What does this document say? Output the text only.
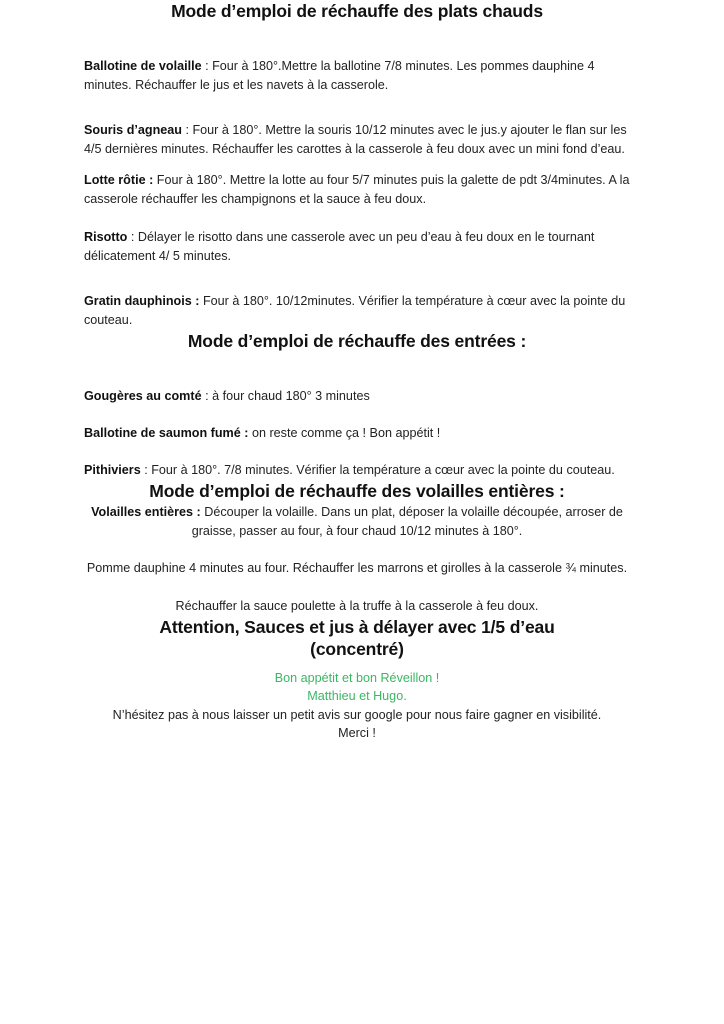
Mode d’emploi de réchauffe des plats chauds

Ballotine de volaille : Four à 180°.Mettre la ballotine 7/8 minutes. Les pommes dauphine 4 minutes. Réchauffer le jus et les navets à la casserole.

Souris d’agneau : Four à 180°. Mettre la souris 10/12 minutes avec le jus.y ajouter le flan sur les 4/5 dernières minutes. Réchauffer les carottes à la casserole à feu doux avec un mini fond d’eau.

Lotte rôtie : Four à 180°. Mettre la lotte au four 5/7 minutes puis la galette de pdt 3/4minutes. A la casserole réchauffer les champignons et la sauce à feu doux.

Risotto : Délayer le risotto dans une casserole avec un peu d’eau à feu doux en le tournant délicatement 4/ 5 minutes.

Gratin dauphinois : Four à 180°. 10/12minutes. Vérifier la température à cœur avec la pointe du couteau.

Mode d’emploi de réchauffe des entrées :

Gougères au comté : à four chaud 180° 3 minutes

Ballotine de saumon fumé : on reste comme ça ! Bon appétit !

Pithiviers : Four à 180°. 7/8 minutes. Vérifier la température a cœur avec la pointe du couteau.

Mode d’emploi de réchauffe des volailles entières :

Volailles entières : Découper la volaille. Dans un plat, déposer la volaille découpée, arroser de graisse, passer au four, à four chaud 10/12 minutes à 180°.

Pomme dauphine 4 minutes au four. Réchauffer les marrons et girolles à la casserole ¾ minutes.

Réchauffer la sauce poulette à la truffe à la casserole à feu doux.

Attention, Sauces et jus à délayer avec 1/5 d’eau
(concentré)

Bon appétit et bon Réveillon !

Matthieu et Hugo.

N’hésitez pas à nous laisser un petit avis sur google pour nous faire gagner en visibilité.

Merci !
